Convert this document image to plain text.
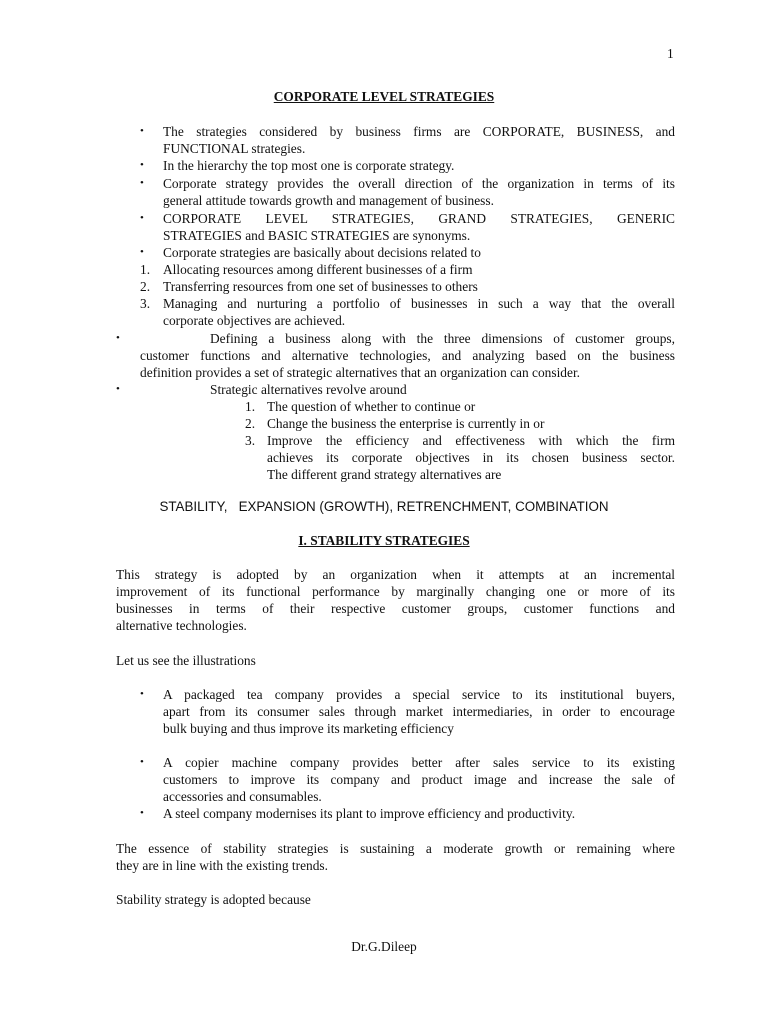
1
CORPORATE LEVEL STRATEGIES
• The strategies considered by business firms are CORPORATE, BUSINESS, and
FUNCTIONAL strategies.
• In the hierarchy the top most one is corporate strategy.
• Corporate strategy provides the overall direction of the organization in terms of its
general attitude towards growth and management of business.
• CORPORATE LEVEL STRATEGIES, GRAND STRATEGIES, GENERIC
STRATEGIES and BASIC STRATEGIES are synonyms.
• Corporate strategies are basically about decisions related to
1. Allocating resources among different businesses of a firm
2. Transferring resources from one set of businesses to others
3. Managing and nurturing a portfolio of businesses in such a way that the overall
corporate objectives are achieved.
•	Defining a business along with the three dimensions of customer groups,
customer functions and alternative technologies, and analyzing based on the business
definition provides a set of strategic alternatives that an organization can consider.
•	Strategic alternatives revolve around
1. The question of whether to continue or
2. Change the business the enterprise is currently in or
3. Improve the efficiency and effectiveness with which the firm
achieves its corporate objectives in its chosen business sector.
The different grand strategy alternatives are
STABILITY,   EXPANSION (GROWTH), RETRENCHMENT, COMBINATION
I. STABILITY STRATEGIES
This strategy is adopted by an organization when it attempts at an incremental
improvement of its functional performance by marginally changing one or more of its
businesses in terms of their respective customer groups, customer functions and
alternative technologies.
Let us see the illustrations
• A packaged tea company provides a special service to its institutional buyers,
apart from its consumer sales through market intermediaries, in order to encourage
bulk buying and thus improve its marketing efficiency
• A copier machine company provides better after sales service to its existing
customers to improve its company and product image and increase the sale of
accessories and consumables.
• A steel company modernises its plant to improve efficiency and productivity.
The essence of stability strategies is sustaining a moderate growth or remaining where
they are in line with the existing trends.
Stability strategy is adopted because
Dr.G.Dileep
